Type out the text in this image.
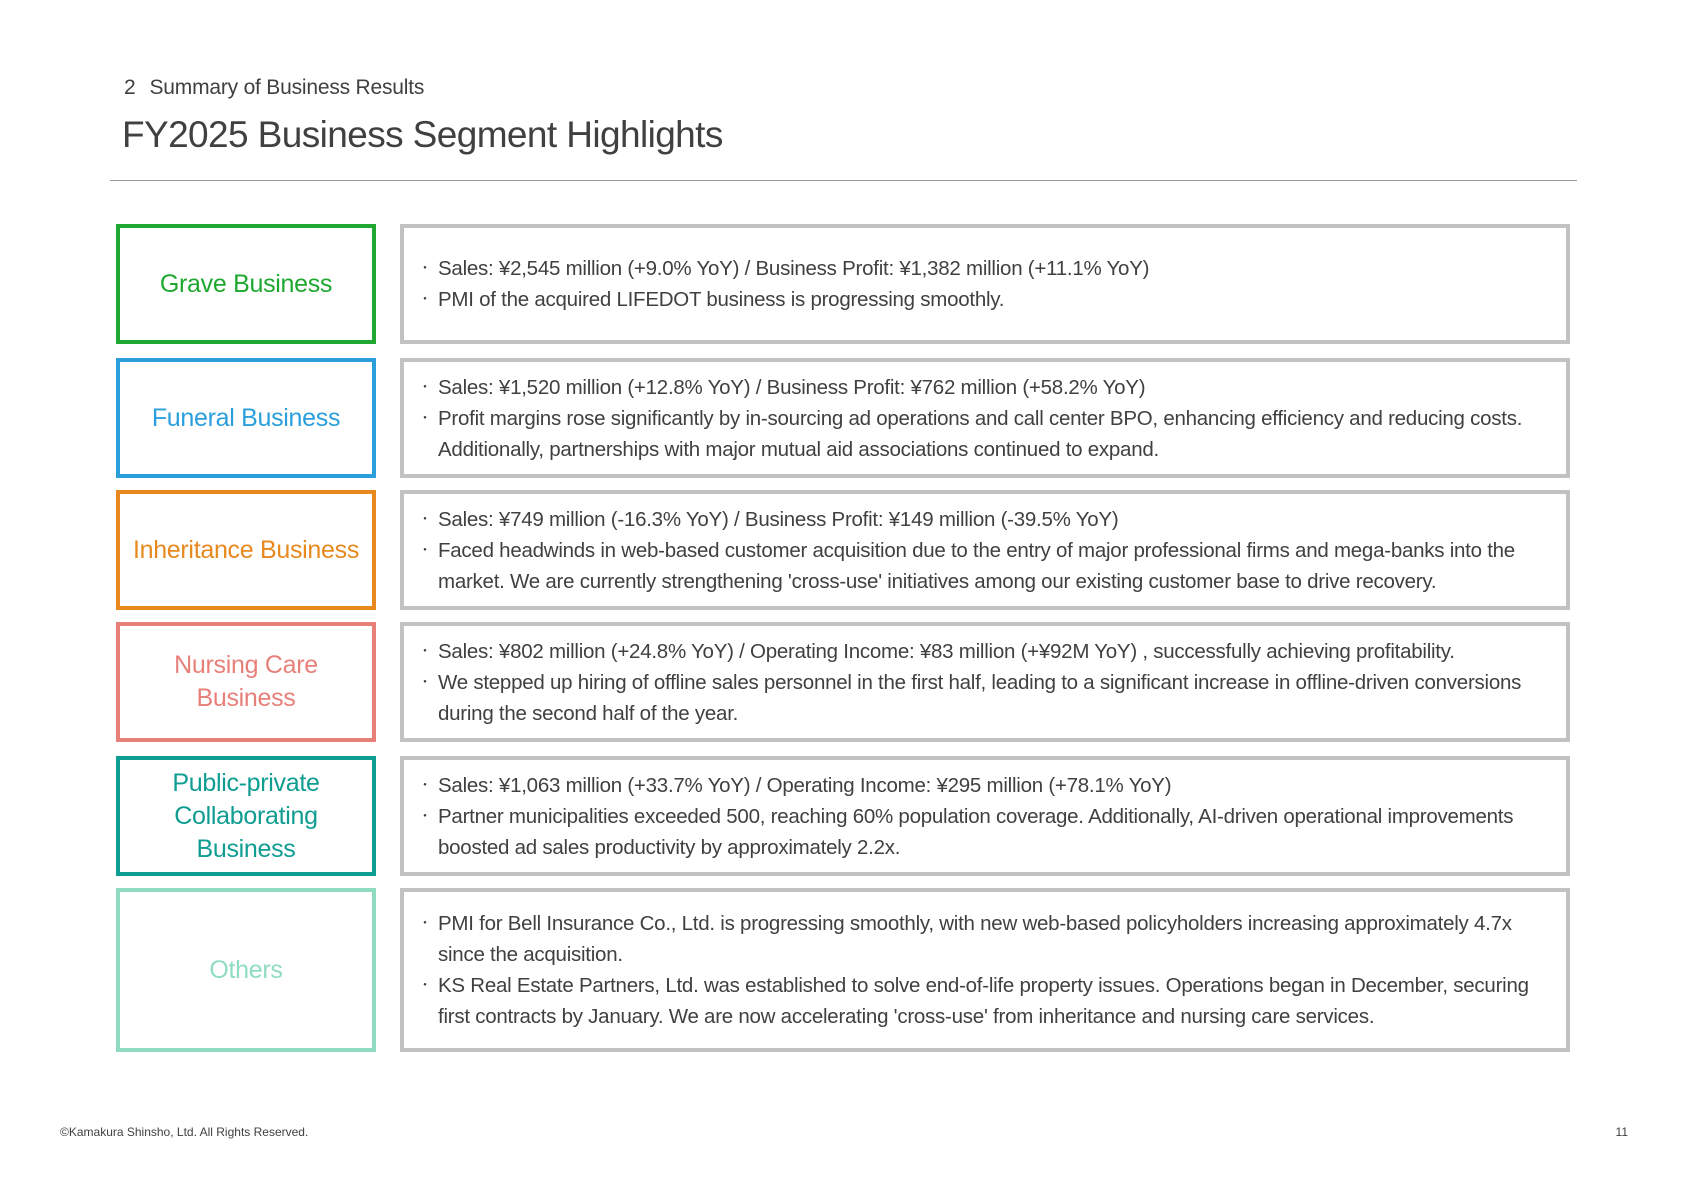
2 Summary of Business Results
FY2025 Business Segment Highlights
Grave Business
・ Sales: ¥2,545 million (+9.0% YoY) / Business Profit: ¥1,382 million (+11.1% YoY)
・ PMI of the acquired LIFEDOT business is progressing smoothly.
Funeral Business
・ Sales: ¥1,520 million (+12.8% YoY) / Business Profit: ¥762 million (+58.2% YoY)
・ Profit margins rose significantly by in-sourcing ad operations and call center BPO, enhancing efficiency and reducing costs. Additionally, partnerships with major mutual aid associations continued to expand.
Inheritance Business
・ Sales: ¥749 million (-16.3% YoY) / Business Profit: ¥149 million (-39.5% YoY)
・ Faced headwinds in web-based customer acquisition due to the entry of major professional firms and mega-banks into the market. We are currently strengthening 'cross-use' initiatives among our existing customer base to drive recovery.
Nursing Care
Business
・ Sales: ¥802 million (+24.8% YoY) / Operating Income: ¥83 million (+¥92M YoY) , successfully achieving profitability.
・ We stepped up hiring of offline sales personnel in the first half, leading to a significant increase in offline-driven conversions during the second half of the year.
Public-private
Collaborating
Business
・ Sales: ¥1,063 million (+33.7% YoY) / Operating Income: ¥295 million (+78.1% YoY)
・ Partner municipalities exceeded 500, reaching 60% population coverage. Additionally, AI-driven operational improvements boosted ad sales productivity by approximately 2.2x.
Others
・ PMI for Bell Insurance Co., Ltd. is progressing smoothly, with new web-based policyholders increasing approximately 4.7x since the acquisition.
・ KS Real Estate Partners, Ltd. was established to solve end-of-life property issues. Operations began in December, securing first contracts by January. We are now accelerating 'cross-use' from inheritance and nursing care services.
©Kamakura Shinsho, Ltd. All Rights Reserved.	11
